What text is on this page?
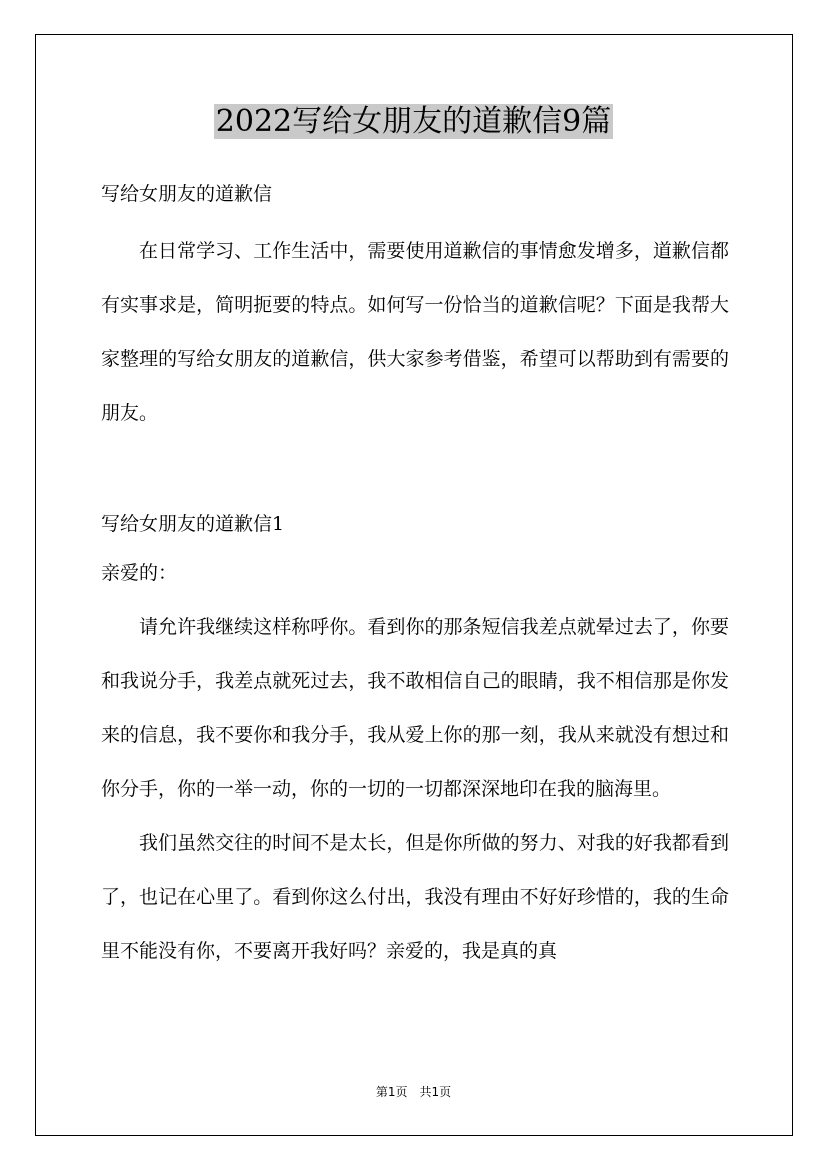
2022写给女朋友的道歉信9篇

写给女朋友的道歉信

在日常学习、工作生活中，需要使用道歉信的事情愈发增多，道歉信都有实事求是，简明扼要的特点。如何写一份恰当的道歉信呢？下面是我帮大家整理的写给女朋友的道歉信，供大家参考借鉴，希望可以帮助到有需要的朋友。

写给女朋友的道歉信1

亲爱的：

请允许我继续这样称呼你。看到你的那条短信我差点就晕过去了，你要和我说分手，我差点就死过去，我不敢相信自己的眼睛，我不相信那是你发来的信息，我不要你和我分手，我从爱上你的那一刻，我从来就没有想过和你分手，你的一举一动，你的一切的一切都深深地印在我的脑海里。

我们虽然交往的时间不是太长，但是你所做的努力、对我的好我都看到了，也记在心里了。看到你这么付出，我没有理由不好好珍惜的，我的生命里不能没有你，不要离开我好吗？亲爱的，我是真的真

第1页　共1页
